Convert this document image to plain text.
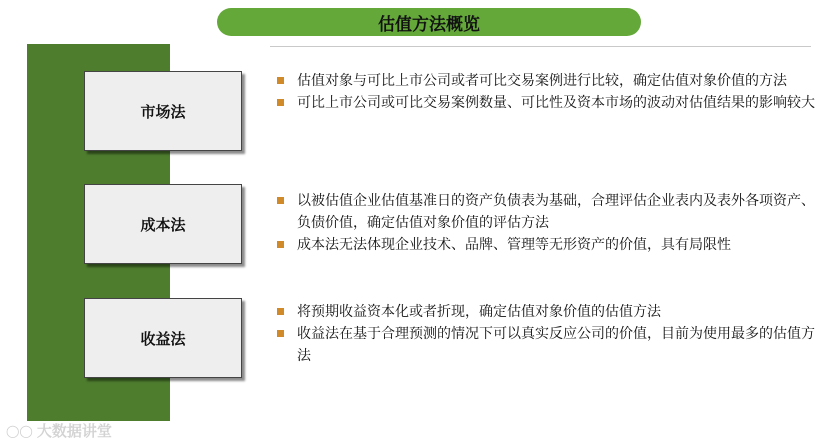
估值方法概览
市场法
估值对象与可比上市公司或者可比交易案例进行比较，确定估值对象价值的方法
可比上市公司或可比交易案例数量、可比性及资本市场的波动对估值结果的影响较大
成本法
以被估值企业估值基准日的资产负债表为基础，合理评估企业表内及表外各项资产、负债价值，确定估值对象价值的评估方法
成本法无法体现企业技术、品牌、管理等无形资产的价值，具有局限性
收益法
将预期收益资本化或者折现，确定估值对象价值的估值方法
收益法在基于合理预测的情况下可以真实反应公司的价值，目前为使用最多的估值方法
◯◯ 大数据讲堂
